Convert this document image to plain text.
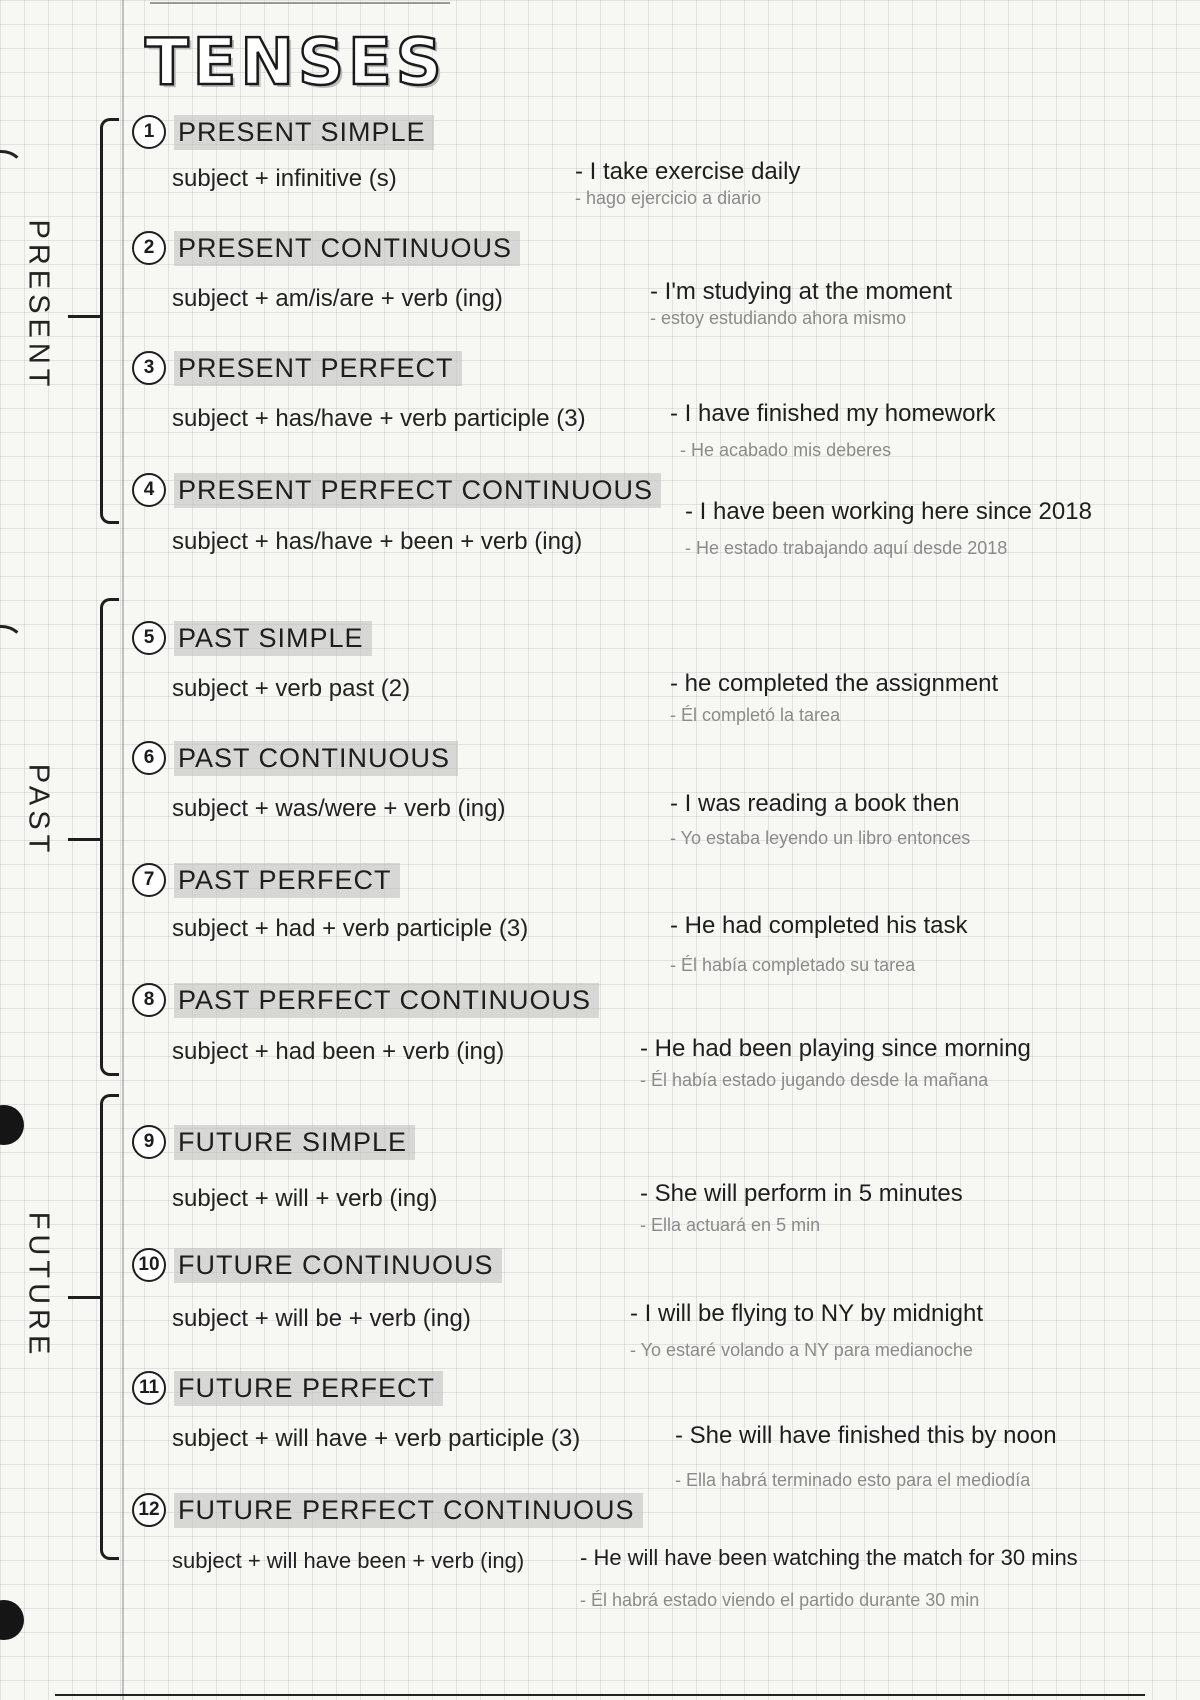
TENSES
PRESENT
PAST
FUTURE
1 PRESENT SIMPLE
subject + infinitive (s)	- I take exercise daily
- hago ejercicio a diario
2 PRESENT CONTINUOUS
subject + am/is/are + verb (ing)	- I'm studying at the moment
- estoy estudiando ahora mismo
3 PRESENT PERFECT
subject + has/have + verb participle (3)	- I have finished my homework
- He acabado mis deberes
4 PRESENT PERFECT CONTINUOUS
subject + has/have + been + verb (ing)
- I have been working here since 2018
- He estado trabajando aquí desde 2018
5 PAST SIMPLE
subject + verb past (2)	- he completed the assignment
- Él completó la tarea
6 PAST CONTINUOUS
subject + was/were + verb (ing)	- I was reading a book then
- Yo estaba leyendo un libro entonces
7 PAST PERFECT
subject + had + verb participle (3)	- He had completed his task
- Él había completado su tarea
8 PAST PERFECT CONTINUOUS
subject + had been + verb (ing)	- He had been playing since morning
- Él había estado jugando desde la mañana
9 FUTURE SIMPLE
subject + will + verb (ing)	- She will perform in 5 minutes
- Ella actuará en 5 min
10 FUTURE CONTINUOUS
subject + will be + verb (ing)	- I will be flying to NY by midnight
- Yo estaré volando a NY para medianoche
11 FUTURE PERFECT
subject + will have + verb participle (3)	- She will have finished this by noon
- Ella habrá terminado esto para el mediodía
12 FUTURE PERFECT CONTINUOUS
subject + will have been + verb (ing)	- He will have been watching the match for 30 mins
- Él habrá estado viendo el partido durante 30 min
